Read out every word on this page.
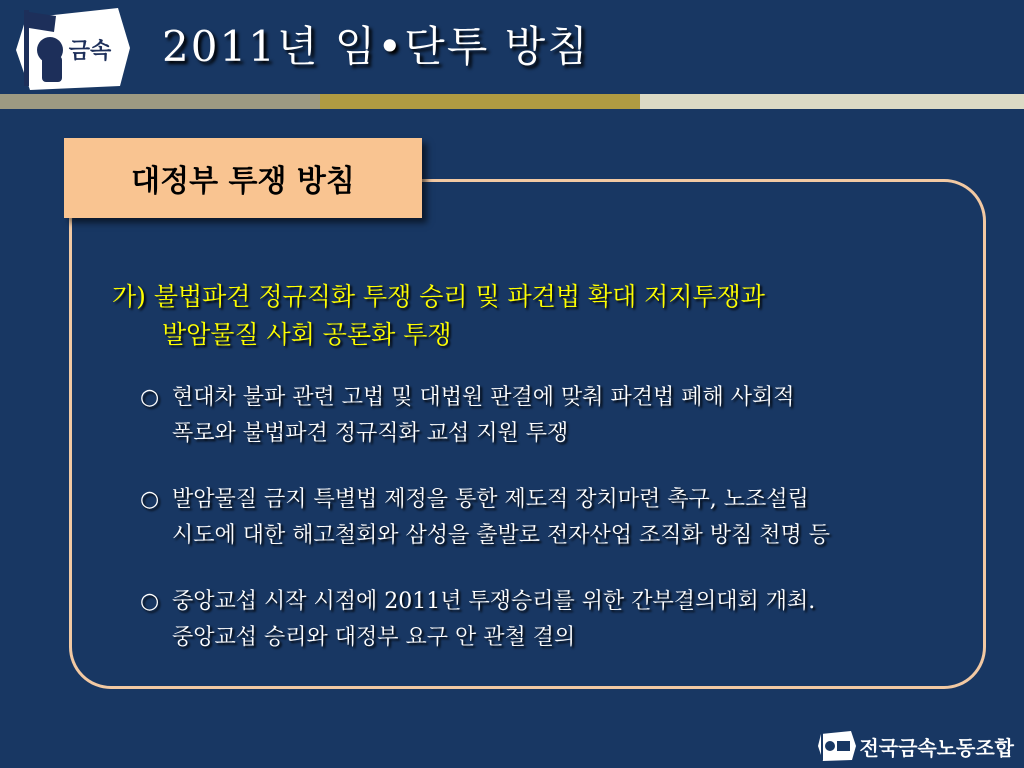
금속 2011년 임•단투 방침
대정부 투쟁 방침
가) 불법파견 정규직화 투쟁 승리 및 파견법 확대 저지투쟁과
발암물질 사회 공론화 투쟁
○ 현대차 불파 관련 고법 및 대법원 판결에 맞춰 파견법 폐해 사회적
폭로와 불법파견 정규직화 교섭 지원 투쟁
○ 발암물질 금지 특별법 제정을 통한 제도적 장치마련 촉구, 노조설립
시도에 대한 해고철회와 삼성을 출발로 전자산업 조직화 방침 천명 등
○ 중앙교섭 시작 시점에 2011년 투쟁승리를 위한 간부결의대회 개최.
중앙교섭 승리와 대정부 요구 안 관철 결의
전국금속노동조합
